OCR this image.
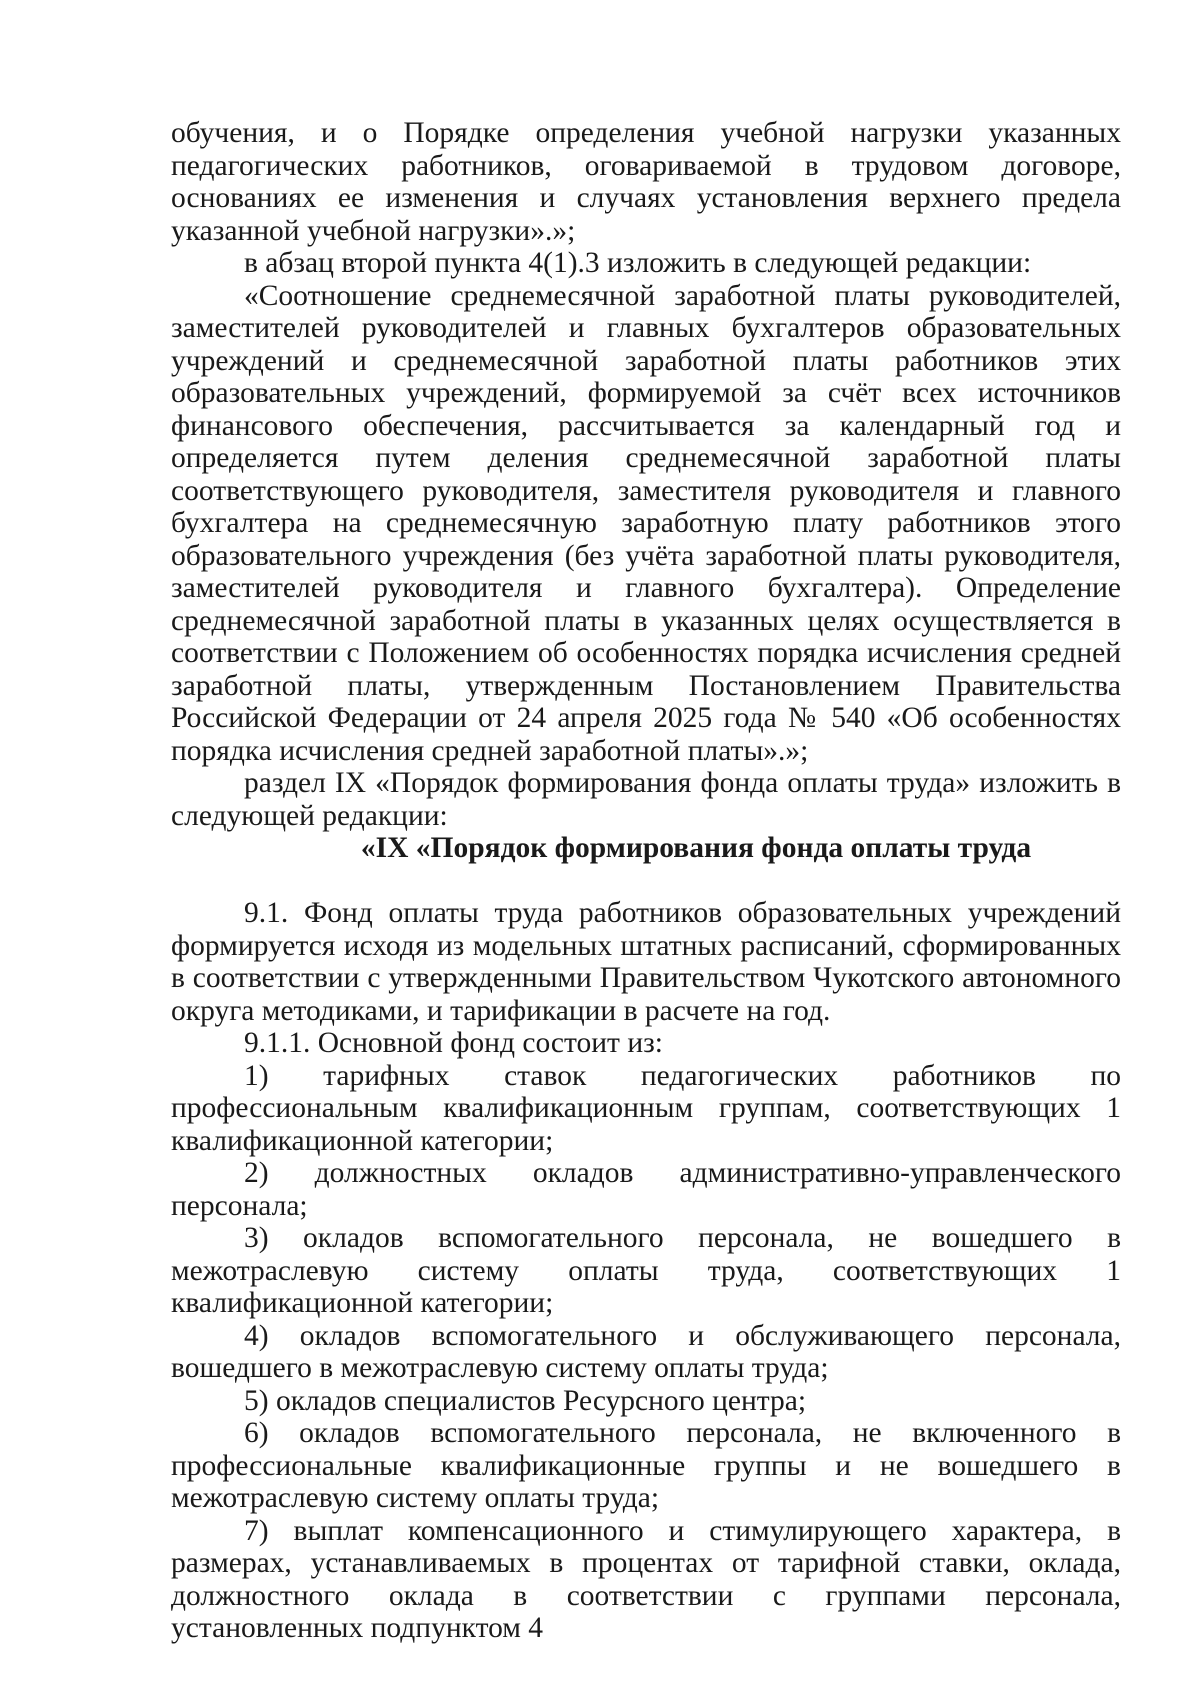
обучения, и о Порядке определения учебной нагрузки указанных педагогических работников, оговариваемой в трудовом договоре, основаниях ее изменения и случаях установления верхнего предела указанной учебной нагрузки».»;

в абзац второй пункта 4(1).3 изложить в следующей редакции:

«Соотношение среднемесячной заработной платы руководителей, заместителей руководителей и главных бухгалтеров образовательных учреждений и среднемесячной заработной платы работников этих образовательных учреждений, формируемой за счёт всех источников финансового обеспечения, рассчитывается за календарный год и определяется путем деления среднемесячной заработной платы соответствующего руководителя, заместителя руководителя и главного бухгалтера на среднемесячную заработную плату работников этого образовательного учреждения (без учёта заработной платы руководителя, заместителей руководителя и главного бухгалтера). Определение среднемесячной заработной платы в указанных целях осуществляется в соответствии с Положением об особенностях порядка исчисления средней заработной платы, утвержденным Постановлением Правительства Российской Федерации от 24 апреля 2025 года № 540 «Об особенностях порядка исчисления средней заработной платы».»;

раздел IX «Порядок формирования фонда оплаты труда» изложить в следующей редакции:

«IX «Порядок формирования фонда оплаты труда

9.1. Фонд оплаты труда работников образовательных учреждений формируется исходя из модельных штатных расписаний, сформированных в соответствии с утвержденными Правительством Чукотского автономного округа методиками, и тарификации в расчете на год.

9.1.1. Основной фонд состоит из:

1) тарифных ставок педагогических работников по профессиональным квалификационным группам, соответствующих 1 квалификационной категории;

2) должностных окладов административно-управленческого персонала;

3) окладов вспомогательного персонала, не вошедшего в межотраслевую систему оплаты труда, соответствующих 1 квалификационной категории;

4) окладов вспомогательного и обслуживающего персонала, вошедшего в межотраслевую систему оплаты труда;

5) окладов специалистов Ресурсного центра;

6) окладов вспомогательного персонала, не включенного в профессиональные квалификационные группы и не вошедшего в межотраслевую систему оплаты труда;

7) выплат компенсационного и стимулирующего характера, в размерах, устанавливаемых в процентах от тарифной ставки, оклада, должностного оклада в соответствии с группами персонала, установленных подпунктом 4
